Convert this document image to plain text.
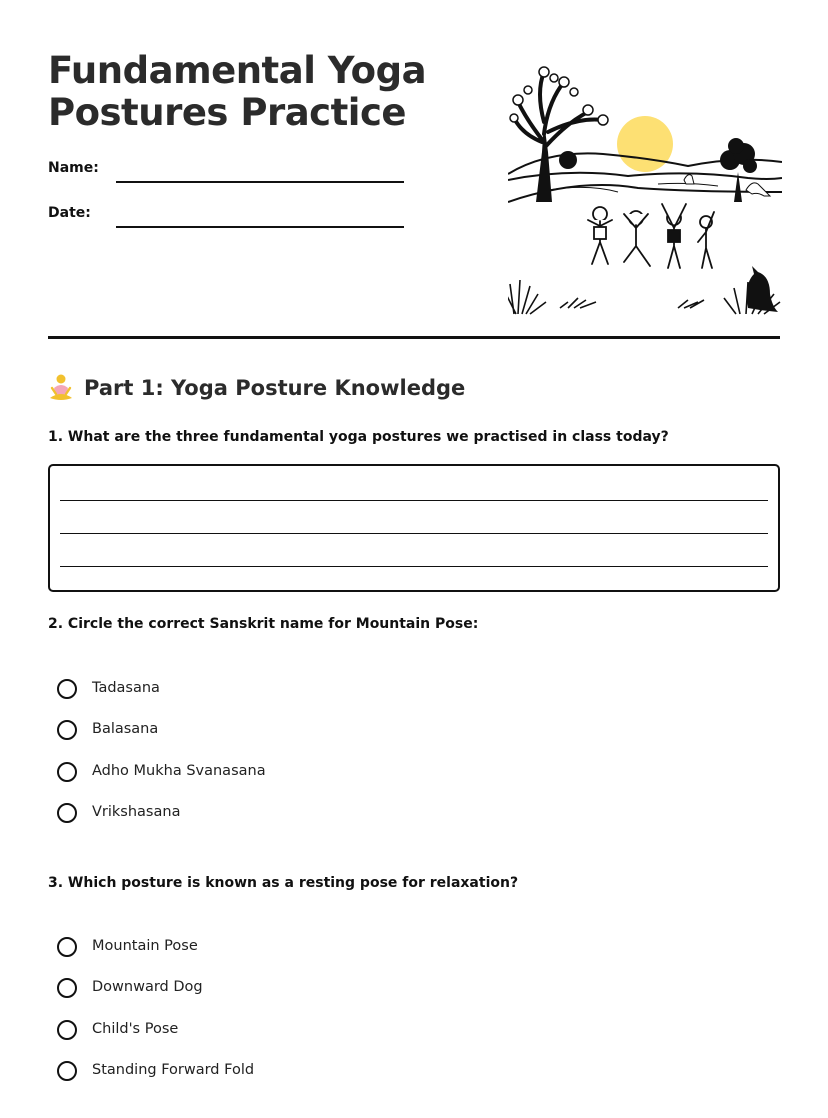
Fundamental Yoga Postures Practice
Name:
Date:
Part 1: Yoga Posture Knowledge

1. What are the three fundamental yoga postures we practised in class today?

2. Circle the correct Sanskrit name for Mountain Pose:

Tadasana
Balasana
Adho Mukha Svanasana
Vrikshasana

3. Which posture is known as a resting pose for relaxation?

Mountain Pose
Downward Dog
Child's Pose
Standing Forward Fold
